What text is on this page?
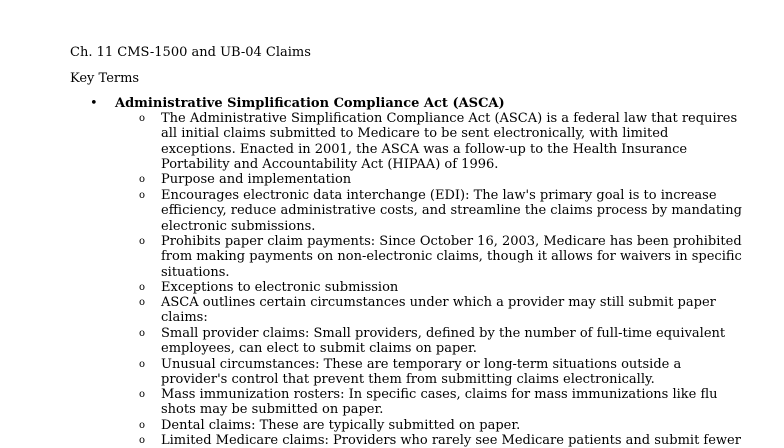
Ch. 11 CMS-1500 and UB-04 Claims
Key Terms
• Administrative Simplification Compliance Act (ASCA)
o The Administrative Simplification Compliance Act (ASCA) is a federal law that requires all initial claims submitted to Medicare to be sent electronically, with limited exceptions. Enacted in 2001, the ASCA was a follow-up to the Health Insurance Portability and Accountability Act (HIPAA) of 1996.
o Purpose and implementation
o Encourages electronic data interchange (EDI): The law's primary goal is to increase efficiency, reduce administrative costs, and streamline the claims process by mandating electronic submissions.
o Prohibits paper claim payments: Since October 16, 2003, Medicare has been prohibited from making payments on non-electronic claims, though it allows for waivers in specific situations.
o Exceptions to electronic submission
o ASCA outlines certain circumstances under which a provider may still submit paper claims:
o Small provider claims: Small providers, defined by the number of full-time equivalent employees, can elect to submit claims on paper.
o Unusual circumstances: These are temporary or long-term situations outside a provider's control that prevent them from submitting claims electronically.
o Mass immunization rosters: In specific cases, claims for mass immunizations like flu shots may be submitted on paper.
o Dental claims: These are typically submitted on paper.
o Limited Medicare claims: Providers who rarely see Medicare patients and submit fewer
